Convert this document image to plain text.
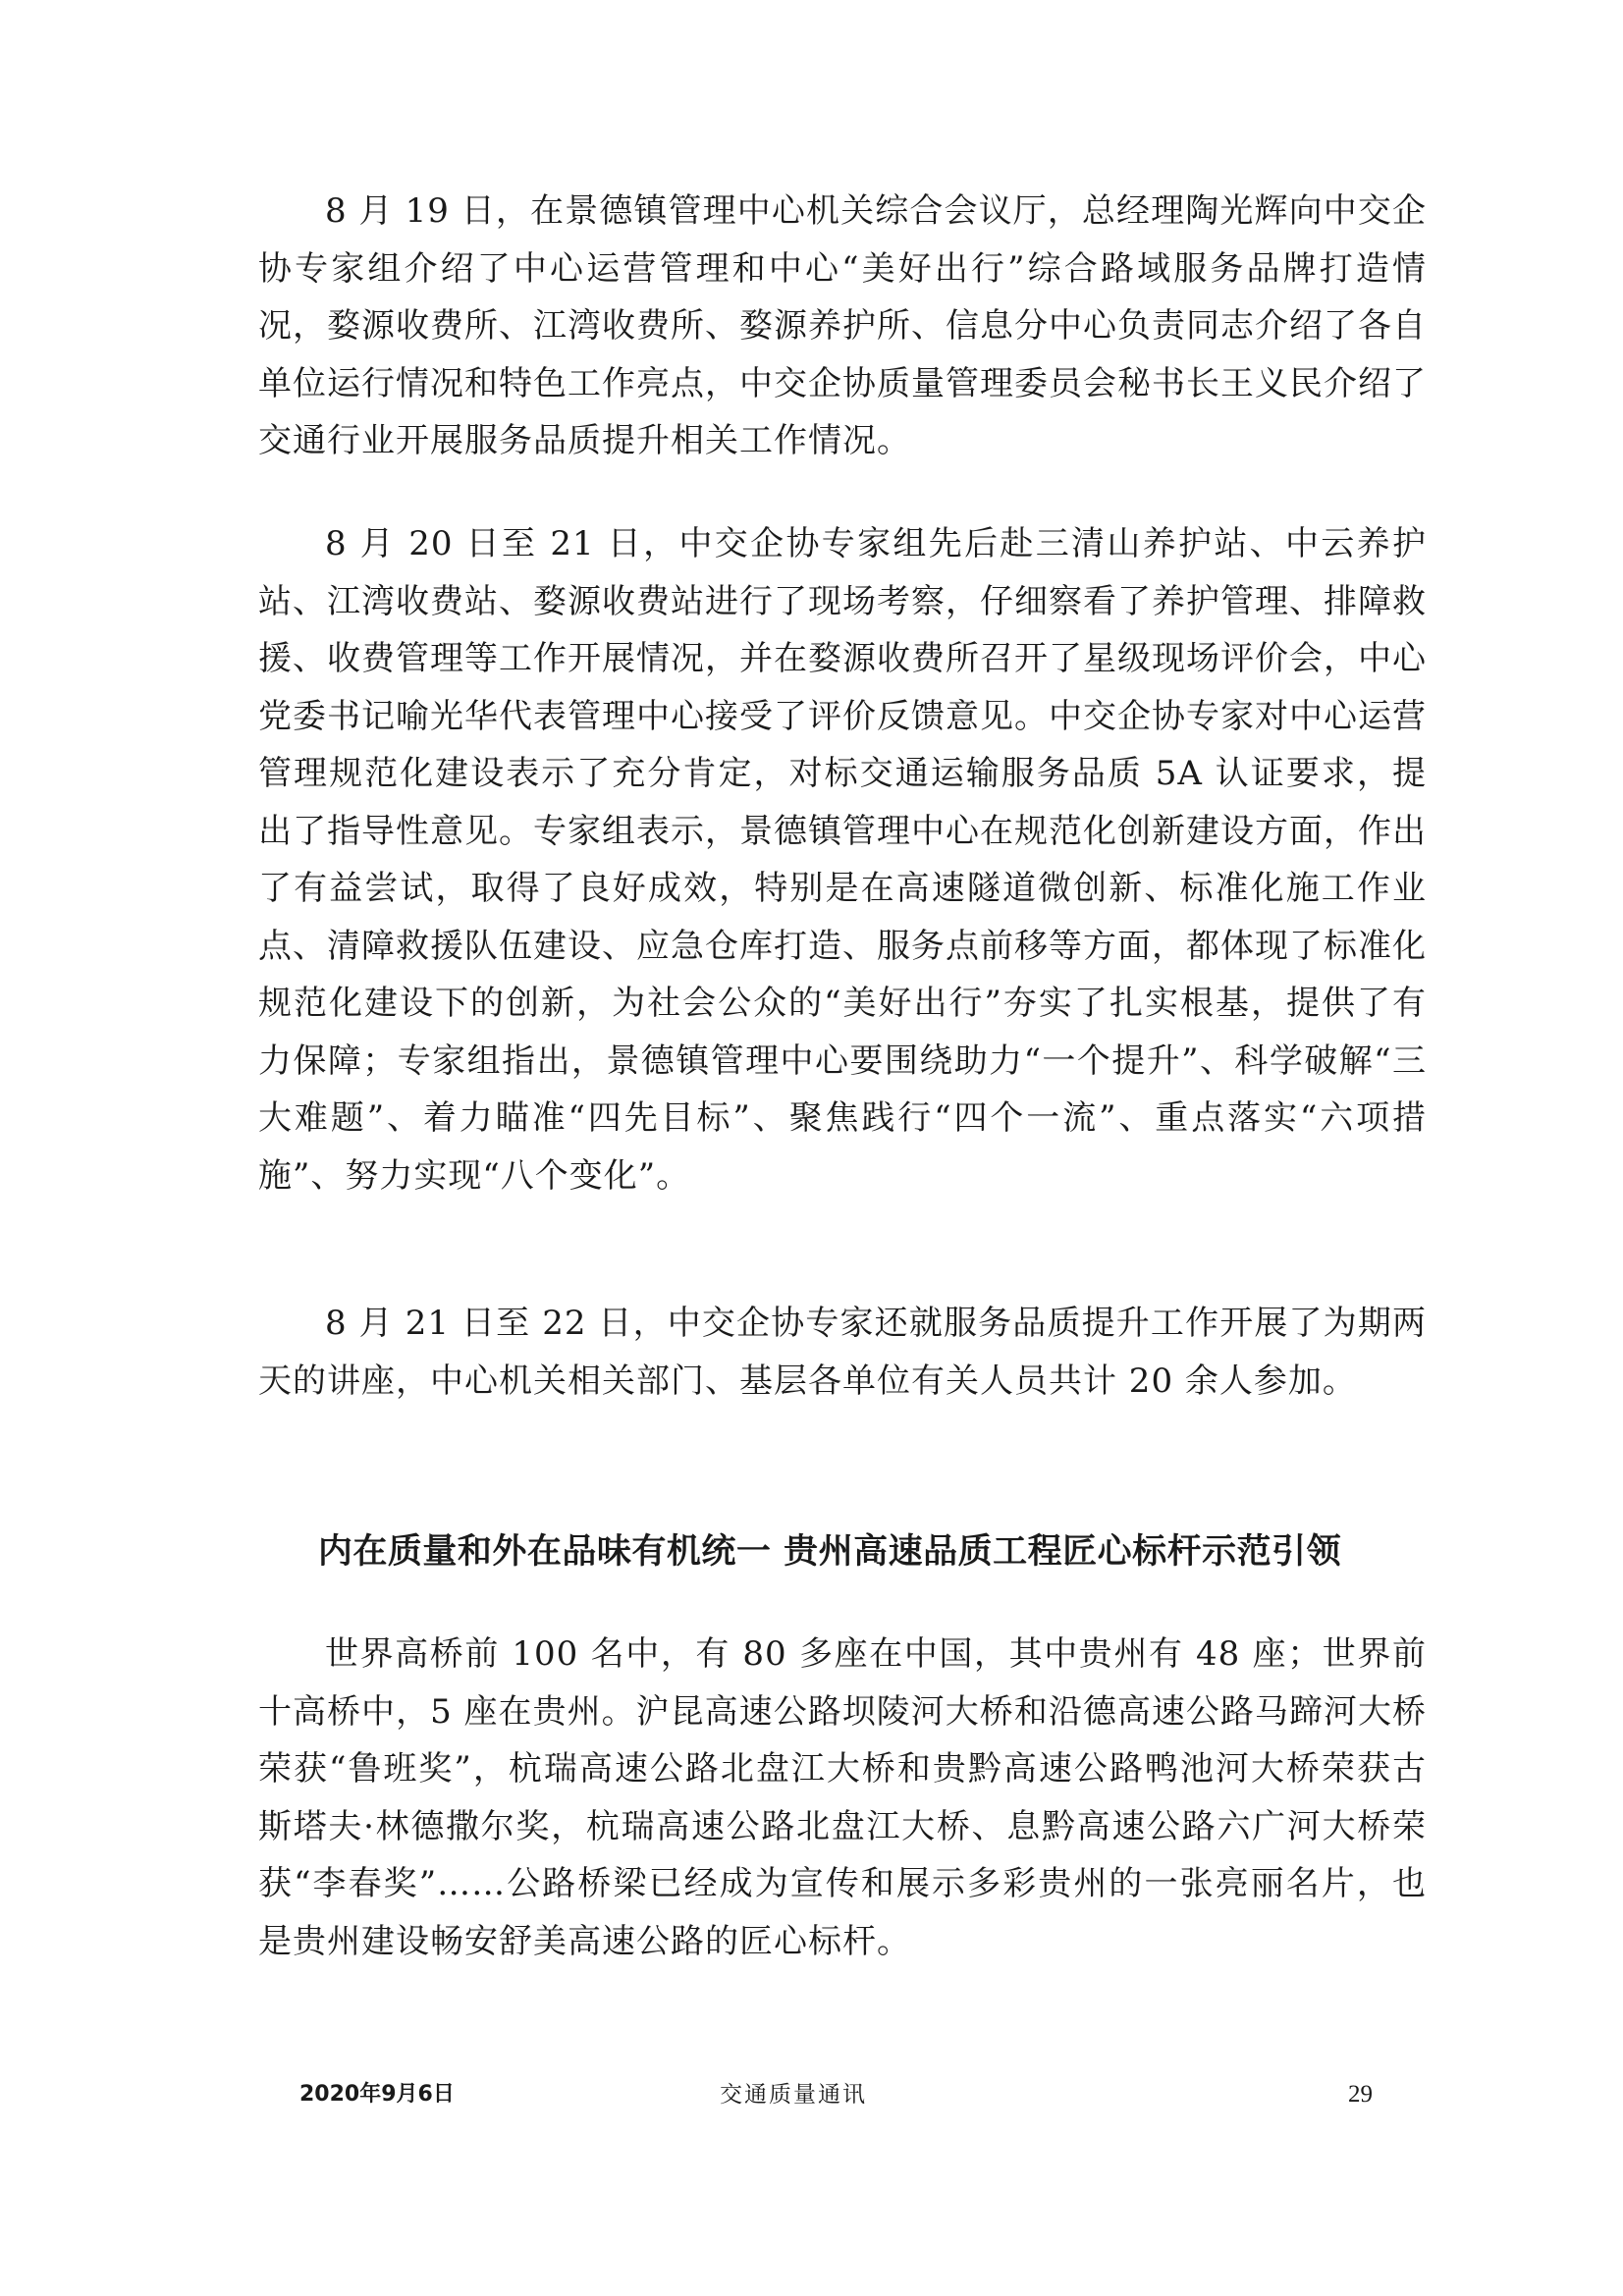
8 月 19 日，在景德镇管理中心机关综合会议厅，总经理陶光辉向中交企协专家组介绍了中心运营管理和中心“美好出行”综合路域服务品牌打造情况，婺源收费所、江湾收费所、婺源养护所、信息分中心负责同志介绍了各自单位运行情况和特色工作亮点，中交企协质量管理委员会秘书长王义民介绍了交通行业开展服务品质提升相关工作情况。

8 月 20 日至 21 日，中交企协专家组先后赴三清山养护站、中云养护站、江湾收费站、婺源收费站进行了现场考察，仔细察看了养护管理、排障救援、收费管理等工作开展情况，并在婺源收费所召开了星级现场评价会，中心党委书记喻光华代表管理中心接受了评价反馈意见。中交企协专家对中心运营管理规范化建设表示了充分肯定，对标交通运输服务品质 5A 认证要求，提出了指导性意见。专家组表示，景德镇管理中心在规范化创新建设方面，作出了有益尝试，取得了良好成效，特别是在高速隧道微创新、标准化施工作业点、清障救援队伍建设、应急仓库打造、服务点前移等方面，都体现了标准化规范化建设下的创新，为社会公众的“美好出行”夯实了扎实根基，提供了有力保障；专家组指出，景德镇管理中心要围绕助力“一个提升”、科学破解“三大难题”、着力瞄准“四先目标”、聚焦践行“四个一流”、重点落实“六项措施”、努力实现“八个变化”。

8 月 21 日至 22 日，中交企协专家还就服务品质提升工作开展了为期两天的讲座，中心机关相关部门、基层各单位有关人员共计 20 余人参加。

内在质量和外在品味有机统一 贵州高速品质工程匠心标杆示范引领

世界高桥前 100 名中，有 80 多座在中国，其中贵州有 48 座；世界前十高桥中，5 座在贵州。沪昆高速公路坝陵河大桥和沿德高速公路马蹄河大桥荣获“鲁班奖”，杭瑞高速公路北盘江大桥和贵黔高速公路鸭池河大桥荣获古斯塔夫·林德撒尔奖，杭瑞高速公路北盘江大桥、息黔高速公路六广河大桥荣获“李春奖”……公路桥梁已经成为宣传和展示多彩贵州的一张亮丽名片，也是贵州建设畅安舒美高速公路的匠心标杆。

2020年9月6日	交通质量通讯	29
